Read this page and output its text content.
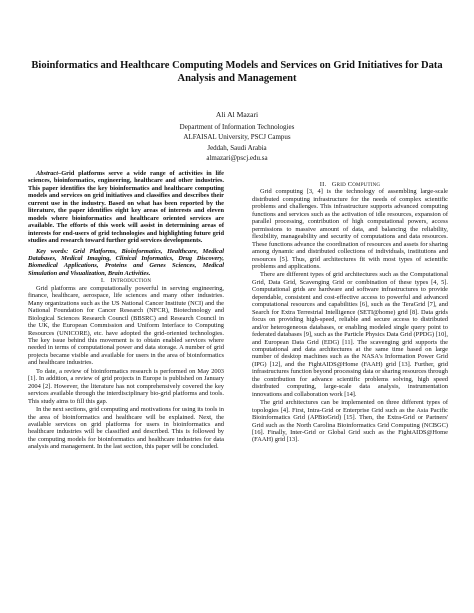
Bioinformatics and Healthcare Computing Models and Services on Grid Initiatives for Data Analysis and Management
Ali Al Mazari
Department of Information Technologies
ALFAISAL University, PSCJ Campus
Jeddah, Saudi Arabia
almazari@pscj.edu.sa

Abstract–Grid platforms serve a wide range of activities in life sciences, bioinformatics, engineering, healthcare and other industries. This paper identifies the key bioinformatics and healthcare computing models and services on grid initiatives and classifies and describes their current use in the industry. Based on what has been reported by the literature, the paper identifies eight key areas of interests and eleven models where bioinformatics and healthcare oriented services are available. The efforts of this work will assist in determining areas of interests for end-users of grid technologies and highlighting future grid studies and research toward further grid services developments.

Key words: Grid Platforms, Bioinformatics, Healthcare, Medical Databases, Medical Imaging, Clinical Informatics, Drug Discovery, Biomedical Applications, Proteins and Genes Sciences, Medical Simulation and Visualization, Brain Activities.

I. Introduction

Grid platforms are computationally powerful in serving engineering, finance, healthcare, aerospace, life sciences and many other industries. Many organizations such as the US National Cancer Institute (NCI) and the National Foundation for Cancer Research (NFCR), Biotechnology and Biological Sciences Research Council (BBSRC) and Research Council in the UK, the European Commission and Uniform Interface to Computing Resources (UNICORE), etc. have adopted the grid-oriented technologies. The key issue behind this movement is to obtain enabled services where needed in terms of computational power and data storage. A number of grid projects became visible and available for users in the area of bioinformatics and healthcare industries.

To date, a review of bioinformatics research is performed on May 2003 [1]. In addition, a review of grid projects in Europe is published on January 2004 [2]. However, the literature has not comprehensively covered the key services available through the interdisciplinary bio-grid platforms and tools. This study aims to fill this gap.

In the next sections, grid computing and motivations for using its tools in the area of bioinformatics and healthcare will be explained. Next, the available services on grid platforms for users in bioinformatics and healthcare industries will be classified and described. This is followed by the computing models for bioinformatics and healthcare industries for data analysis and management. In the last section, this paper will be concluded.

II. Grid Computing

Grid computing [3, 4] is the technology of assembling large-scale distributed computing infrastructure for the needs of complex scientific problems and challenges. This infrastructure supports advanced computing functions and services such as the activation of idle resources, expansion of parallel processing, contribution of high computational powers, access permissions to massive amount of data, and balancing the reliability, flexibility, manageability and security of computations and data resources. These functions advance the coordination of resources and assets for sharing among dynamic and distributed collections of individuals, institutions and resources [5]. Thus, grid architectures fit with most types of scientific problems and applications.

There are different types of grid architectures such as the Computational Grid, Data Grid, Scavenging Grid or combination of these types [4, 5]. Computational grids are hardware and software infrastructures to provide dependable, consistent and cost-effective access to powerful and advanced computational resources and capabilities [6], such as the TeraGrid [7], and Search for Extra Terrestrial Intelligence (SETI@home) grid [8]. Data grids focus on providing high-speed, reliable and secure access to distributed and/or heterogeneous databases, or enabling modeled single query point to federated databases [9], such as the Particle Physics Data Grid (PPDG) [10], and European Data Grid (EDG) [11]. The scavenging grid supports the computational and data architectures at the same time based on large number of desktop machines such as the NASA's Information Power Grid (IPG) [12], and the FightAIDS@Home (FAAH) grid [13]. Further, grid infrastructures function beyond processing data or sharing resources through the contribution for advance scientific problems solving, high speed distributed computing, large-scale data analysis, instrumentation innovations and collaboration work [14].

The grid architectures can be implemented on three different types of topologies [4]. First, Intra-Grid or Enterprise Grid such as the Asia Pacific Bioinformatics Grid (APBioGrid) [15]. Then, the Extra-Grid or Partners' Grid such as the North Carolina Bioinformatics Grid Computing (NCBGC) [16]. Finally, Inter-Grid or Global Grid such as the FightAIDS@Home (FAAH) grid [13].
